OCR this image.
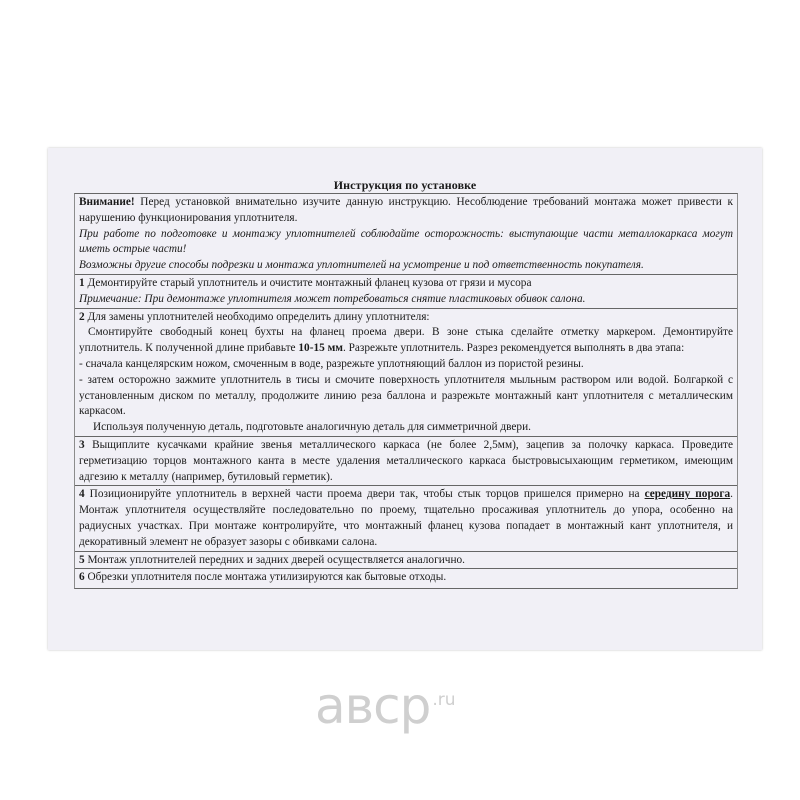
Инструкция по установке

Внимание! Перед установкой внимательно изучите данную инструкцию. Несоблюдение требований монтажа может привести к нарушению функционирования уплотнителя.

При работе по подготовке и монтажу уплотнителей соблюдайте осторожность: выступающие части металлокаркаса могут иметь острые части!

Возможны другие способы подрезки и монтажа уплотнителей на усмотрение и под ответственность покупателя.

1 Демонтируйте старый уплотнитель и очистите монтажный фланец кузова от грязи и мусора

Примечание: При демонтаже уплотнителя может потребоваться снятие пластиковых обивок салона.

2 Для замены уплотнителей необходимо определить длину уплотнителя:

Смонтируйте свободный конец бухты на фланец проема двери. В зоне стыка сделайте отметку маркером. Демонтируйте уплотнитель. К полученной длине прибавьте 10-15 мм. Разрежьте уплотнитель. Разрез рекомендуется выполнять в два этапа:

- сначала канцелярским ножом, смоченным в воде, разрежьте уплотняющий баллон из пористой резины.

- затем осторожно зажмите уплотнитель в тисы и смочите поверхность уплотнителя мыльным раствором или водой. Болгаркой с установленным диском по металлу, продолжите линию реза баллона и разрежьте монтажный кант уплотнителя с металлическим каркасом.

Используя полученную деталь, подготовьте аналогичную деталь для симметричной двери.

3 Выщиплите кусачками крайние звенья металлического каркаса (не более 2,5мм), зацепив за полочку каркаса. Проведите герметизацию торцов монтажного канта в месте удаления металлического каркаса быстровысыхающим герметиком, имеющим адгезию к металлу (например, бутиловый герметик).

4 Позиционируйте уплотнитель в верхней части проема двери так, чтобы стык торцов пришелся примерно на середину порога. Монтаж уплотнителя осуществляйте последовательно по проему, тщательно просаживая уплотнитель до упора, особенно на радиусных участках. При монтаже контролируйте, что монтажный фланец кузова попадает в монтажный кант уплотнителя, и декоративный элемент не образует зазоры с обивками салона.

5 Монтаж уплотнителей передних и задних дверей осуществляется аналогично.

6 Обрезки уплотнителя после монтажа утилизируются как бытовые отходы.

авср .ru
